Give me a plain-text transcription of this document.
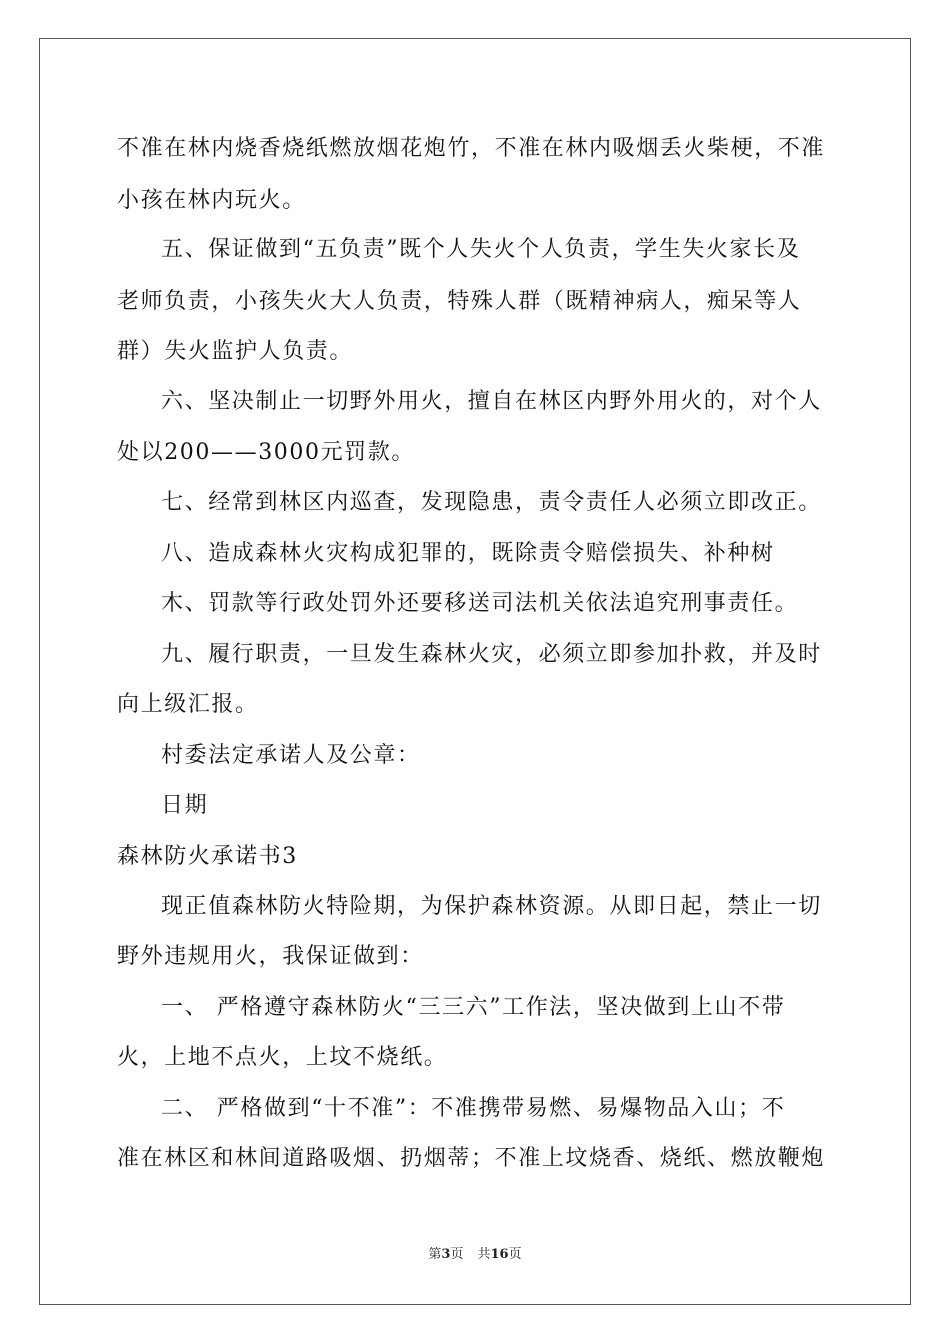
不准在林内烧香烧纸燃放烟花炮竹，不准在林内吸烟丢火柴梗，不准
小孩在林内玩火。
五、保证做到“五负责”既个人失火个人负责，学生失火家长及
老师负责，小孩失火大人负责，特殊人群（既精神病人，痴呆等人
群）失火监护人负责。
六、坚决制止一切野外用火，擅自在林区内野外用火的，对个人
处以200——3000元罚款。
七、经常到林区内巡查，发现隐患，责令责任人必须立即改正。
八、造成森林火灾构成犯罪的，既除责令赔偿损失、补种树
木、罚款等行政处罚外还要移送司法机关依法追究刑事责任。
九、履行职责，一旦发生森林火灾，必须立即参加扑救，并及时
向上级汇报。
村委法定承诺人及公章：
日期
森林防火承诺书3
现正值森林防火特险期，为保护森林资源。从即日起，禁止一切
野外违规用火，我保证做到：
一、 严格遵守森林防火“三三六”工作法，坚决做到上山不带
火，上地不点火，上坟不烧纸。
二、 严格做到“十不准”：不准携带易燃、易爆物品入山；不
准在林区和林间道路吸烟、扔烟蒂；不准上坟烧香、烧纸、燃放鞭炮
第3页 共16页
